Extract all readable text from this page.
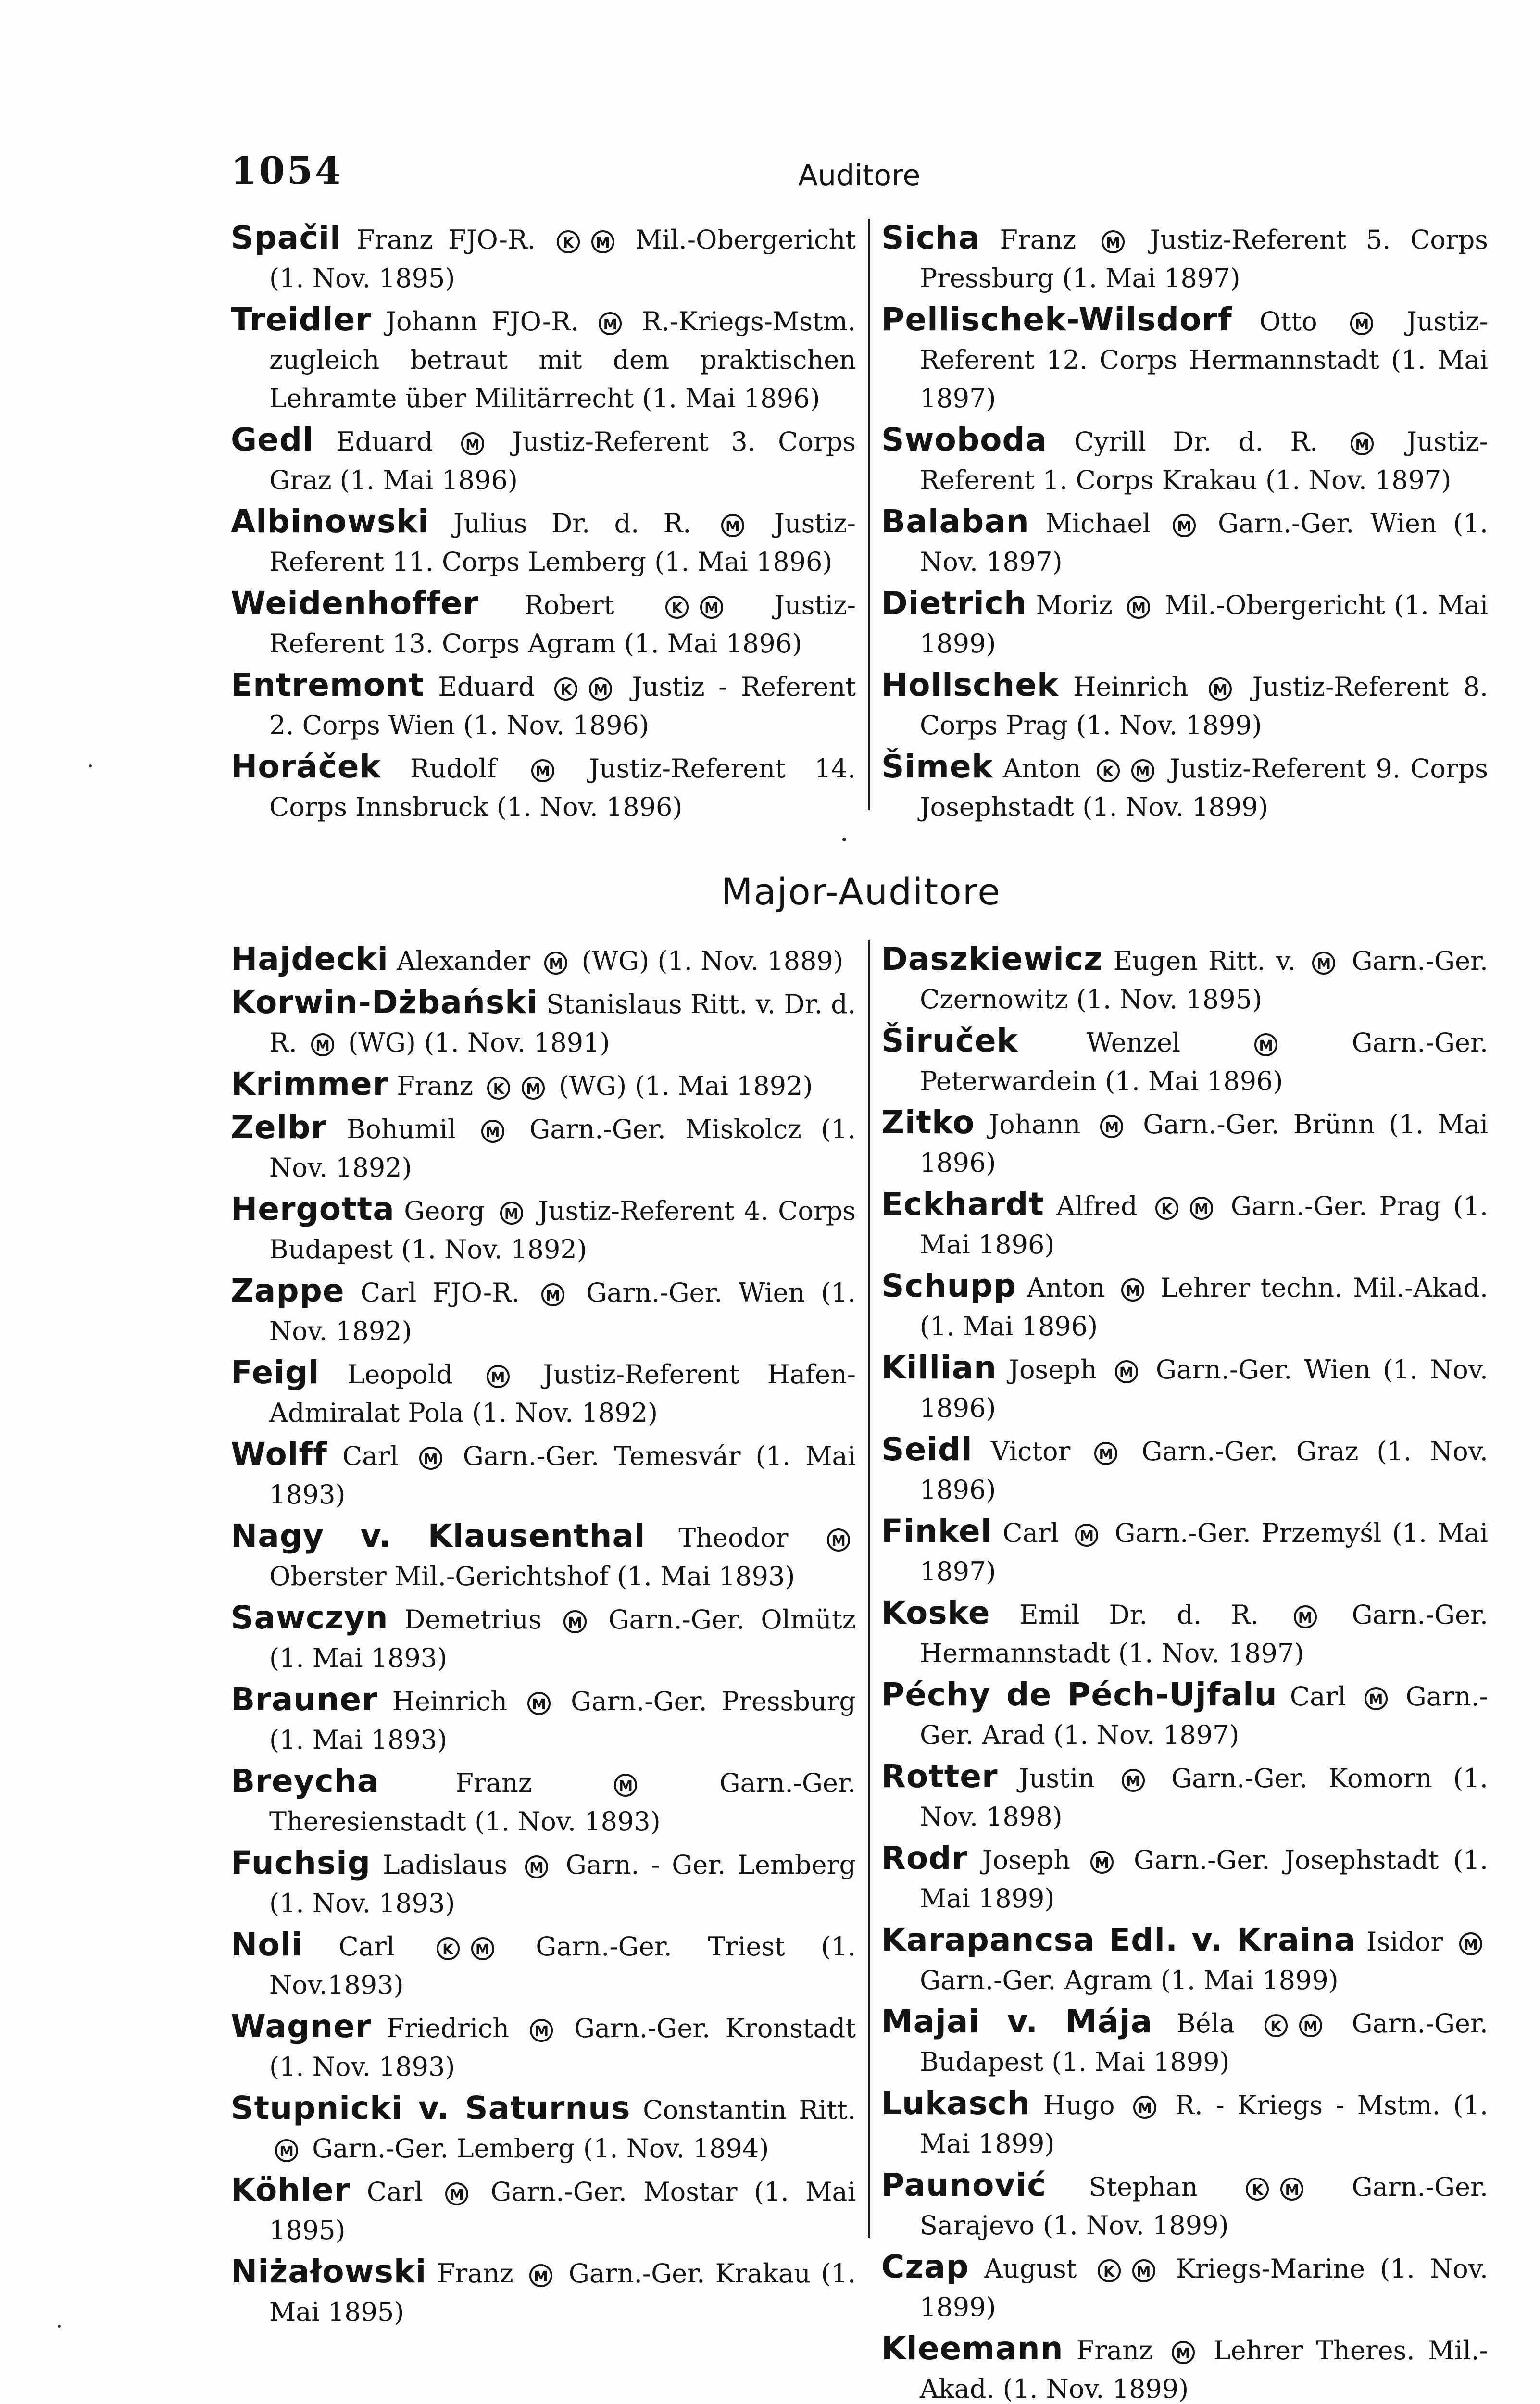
1054	Auditore
Spačil Franz FJO-R. K M Mil.-Obergericht (1. Nov. 1895)
Treidler Johann FJO-R. M R.-Kriegs-Mstm. zugleich betraut mit dem praktischen Lehramte über Militärrecht (1. Mai 1896)
Gedl Eduard M Justiz-Referent 3. Corps Graz (1. Mai 1896)
Albinowski Julius Dr. d. R. M Justiz-Referent 11. Corps Lemberg (1. Mai 1896)
Weidenhoffer Robert	K M Justiz-Referent 13. Corps Agram (1. Mai 1896)
Entremont Eduard K M Justiz - Referent 2. Corps Wien (1. Nov. 1896)
Horáček Rudolf	M Justiz-Referent 14. Corps Innsbruck (1. Nov. 1896)
Sicha Franz M Justiz-Referent 5. Corps Pressburg (1. Mai 1897)
Pellischek-Wilsdorf Otto	M Justiz-Referent 12. Corps Hermannstadt (1. Mai 1897)
Swoboda Cyrill Dr. d. R.	M Justiz-Referent 1. Corps Krakau (1. Nov. 1897)
Balaban Michael M Garn.-Ger. Wien (1. Nov. 1897)
Dietrich Moriz M Mil.-Obergericht (1. Mai 1899)
Hollschek Heinrich M Justiz-Referent 8. Corps Prag (1. Nov. 1899)
Šimek Anton K M Justiz-Referent 9. Corps Josephstadt (1. Nov. 1899)
Major-Auditore
Hajdecki Alexander M (WG) (1. Nov. 1889)
Korwin-Dżbański Stanislaus Ritt. v. Dr. d. R. M (WG) (1. Nov. 1891)
Krimmer Franz K M (WG) (1. Mai 1892)
Zelbr Bohumil M Garn.-Ger. Miskolcz (1. Nov. 1892)
Hergotta Georg M Justiz-Referent 4. Corps Budapest (1. Nov. 1892)
Zappe Carl FJO-R. M Garn.-Ger. Wien (1. Nov. 1892)
Feigl Leopold	M Justiz-Referent Hafen-Admiralat Pola (1. Nov. 1892)
Wolff Carl M Garn.-Ger. Temesvár (1. Mai 1893)
Nagy v. Klausenthal Theodor	M Oberster Mil.-Gerichtshof (1. Mai 1893)
Sawczyn Demetrius M Garn.-Ger. Olmütz (1. Mai 1893)
Brauner Heinrich M Garn.-Ger. Pressburg (1. Mai 1893)
Breycha	Franz	M	Garn.-Ger. Theresienstadt (1. Nov. 1893)
Fuchsig Ladislaus M Garn. - Ger. Lemberg (1. Nov. 1893)
Noli Carl	K M Garn.-Ger. Triest (1. Nov.1893)
Wagner Friedrich M Garn.-Ger. Kronstadt (1. Nov. 1893)
Stupnicki v. Saturnus Constantin Ritt. M Garn.-Ger. Lemberg (1. Nov. 1894)
Köhler Carl M Garn.-Ger. Mostar (1. Mai 1895)
Niżałowski Franz M Garn.-Ger. Krakau (1. Mai 1895)
Daszkiewicz Eugen Ritt. v. M Garn.-Ger. Czernowitz (1. Nov. 1895)
Širuček	Wenzel	M	Garn.-Ger. Peterwardein (1. Mai 1896)
Zitko Johann M Garn.-Ger. Brünn (1. Mai 1896)
Eckhardt Alfred K M Garn.-Ger. Prag (1. Mai 1896)
Schupp Anton M Lehrer techn. Mil.-Akad. (1. Mai 1896)
Killian Joseph M Garn.-Ger. Wien (1. Nov. 1896)
Seidl Victor M Garn.-Ger. Graz (1. Nov. 1896)
Finkel Carl M Garn.-Ger. Przemyśl (1. Mai 1897)
Koske Emil Dr. d. R.	M Garn.-Ger. Hermannstadt (1. Nov. 1897)
Péchy de Péch-Ujfalu Carl M Garn.-Ger. Arad (1. Nov. 1897)
Rotter Justin M Garn.-Ger. Komorn (1. Nov. 1898)
Rodr Joseph M Garn.-Ger. Josephstadt (1. Mai 1899)
Karapancsa Edl. v. Kraina Isidor M Garn.-Ger. Agram (1. Mai 1899)
Majai v. Mája Béla K M Garn.-Ger. Budapest (1. Mai 1899)
Lukasch Hugo M R. - Kriegs - Mstm. (1. Mai 1899)
Paunović Stephan	K M Garn.-Ger. Sarajevo (1. Nov. 1899)
Czap August K M Kriegs-Marine (1. Nov. 1899)
Kleemann Franz M Lehrer Theres. Mil.-Akad. (1. Nov. 1899)
